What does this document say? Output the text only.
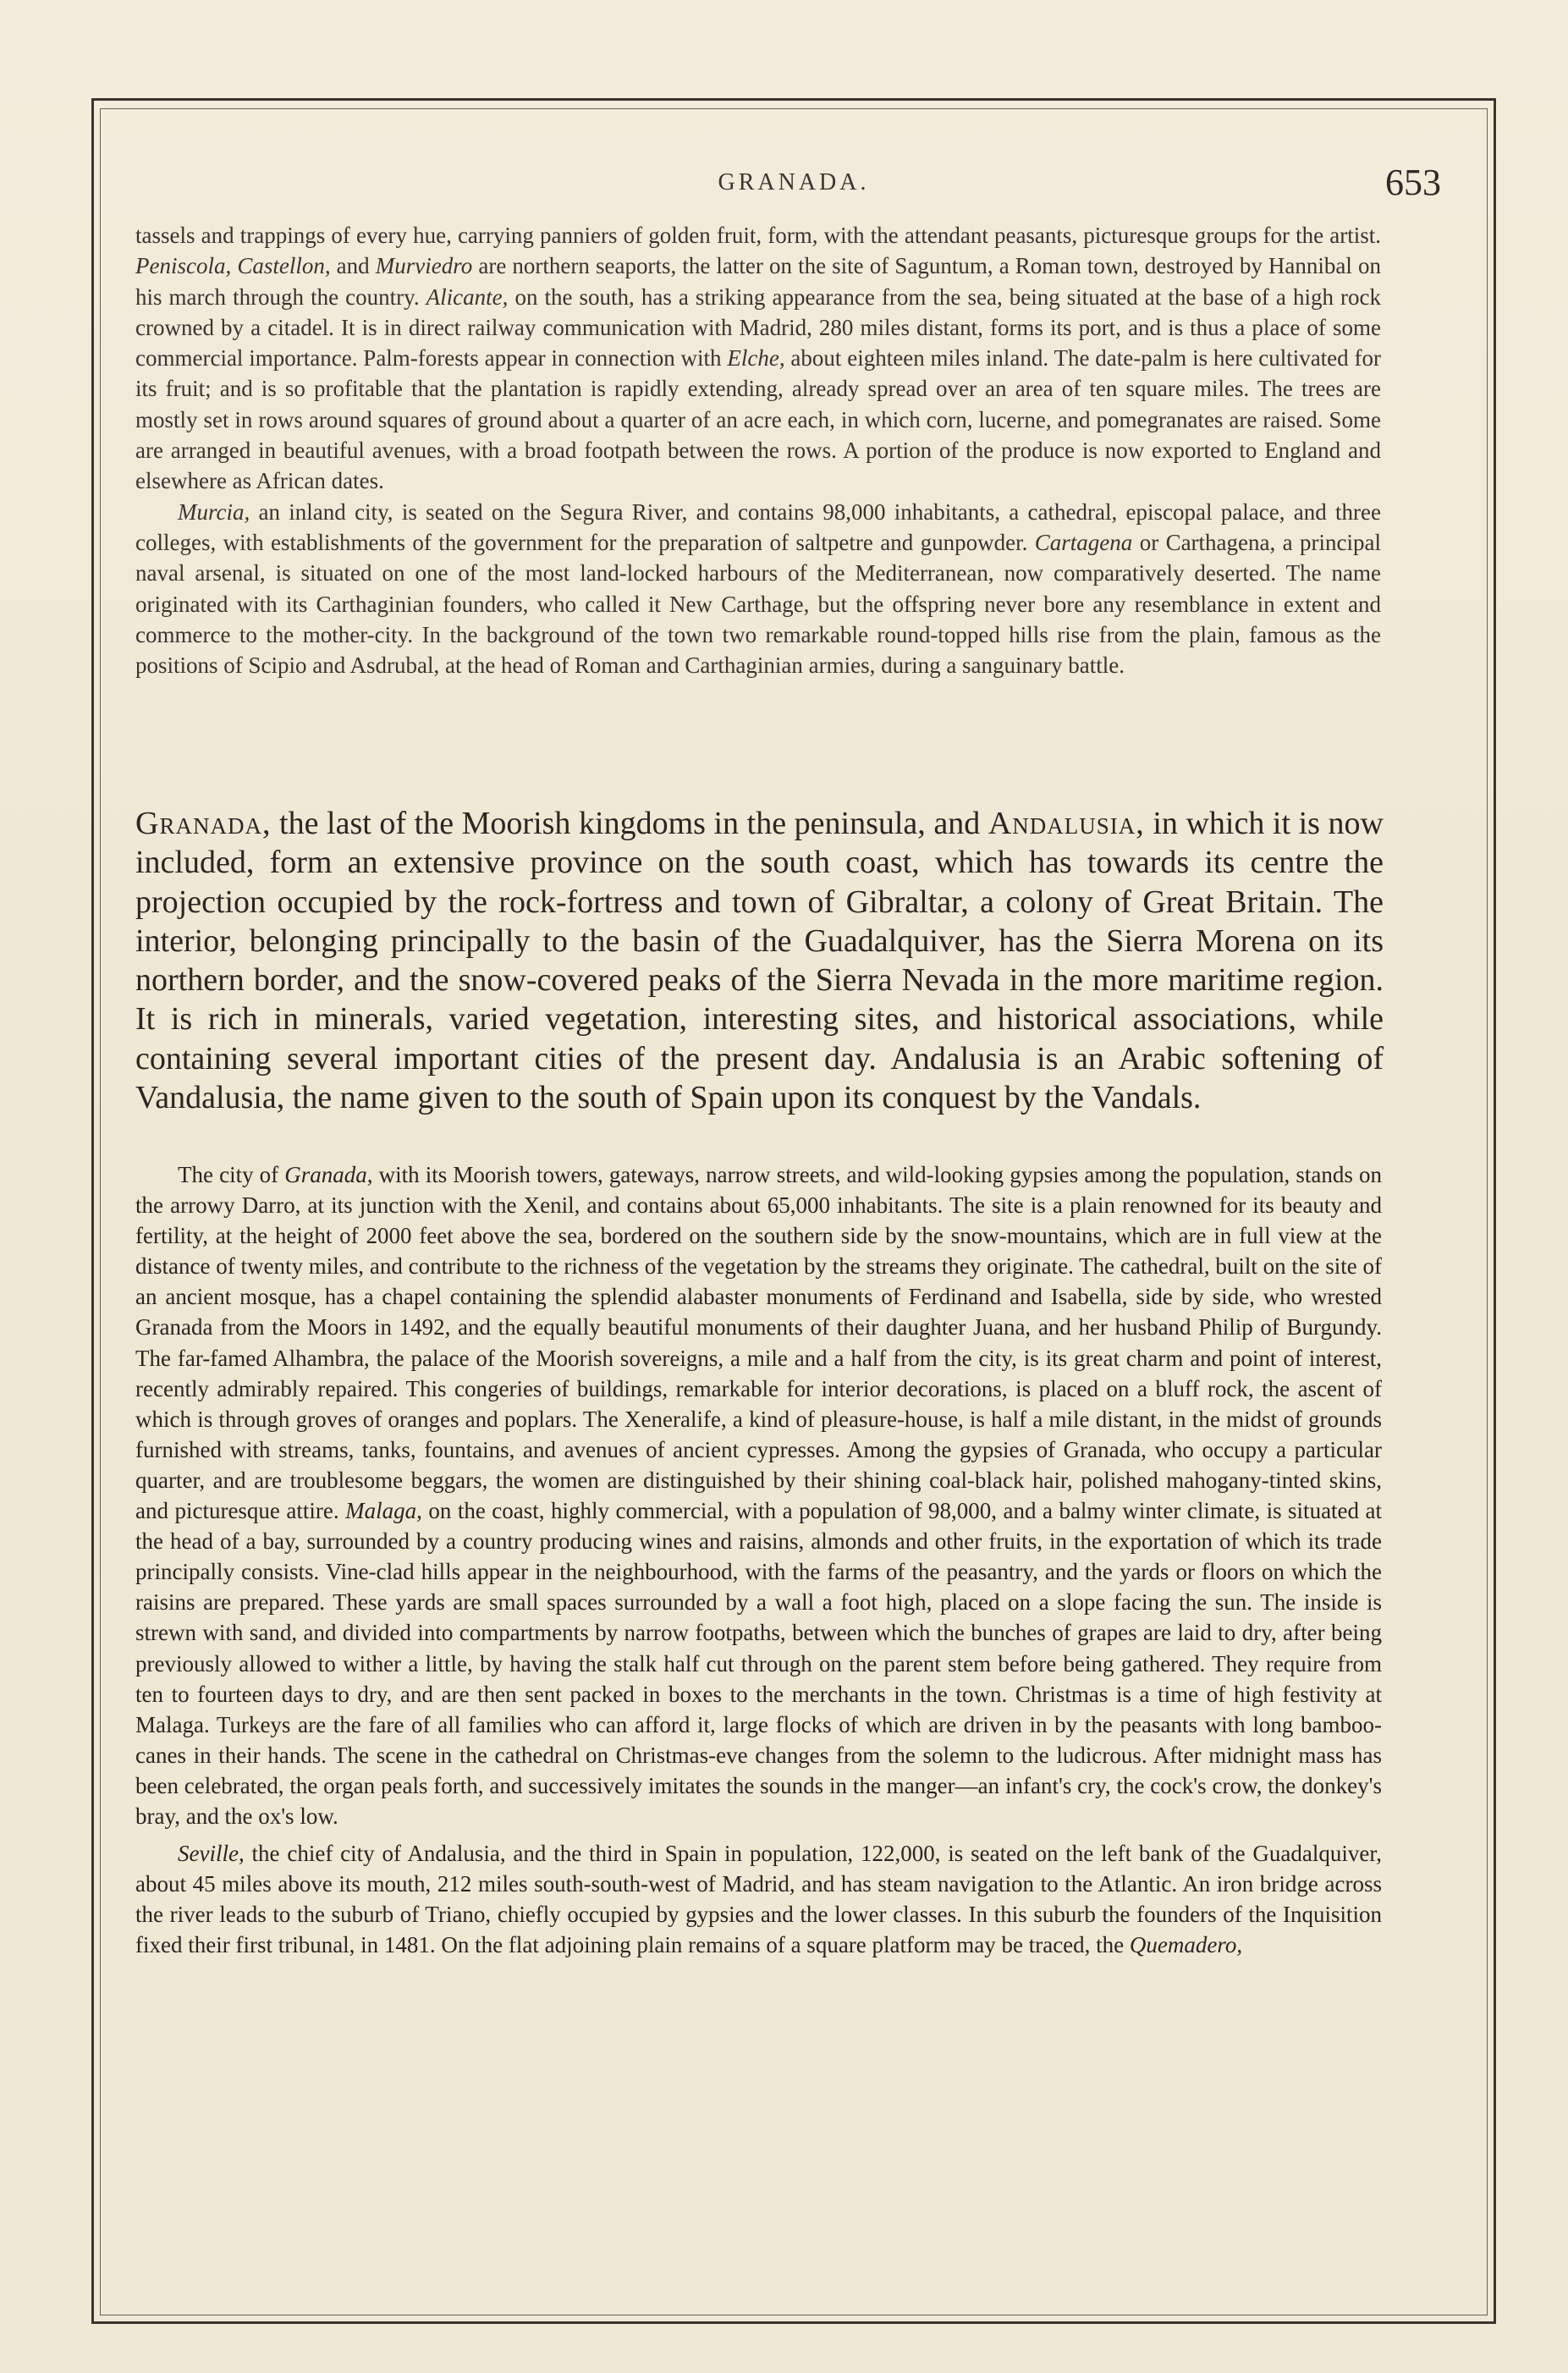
GRANADA.	653

tassels and trappings of every hue, carrying panniers of golden fruit, form, with the attendant peasants, picturesque groups for the artist. Peniscola, Castellon, and Murviedro are northern seaports, the latter on the site of Saguntum, a Roman town, destroyed by Hannibal on his march through the country. Alicante, on the south, has a striking appearance from the sea, being situated at the base of a high rock crowned by a citadel. It is in direct railway communication with Madrid, 280 miles distant, forms its port, and is thus a place of some commercial importance. Palm-forests appear in connection with Elche, about eighteen miles inland. The date-palm is here cultivated for its fruit; and is so profitable that the plantation is rapidly extending, already spread over an area of ten square miles. The trees are mostly set in rows around squares of ground about a quarter of an acre each, in which corn, lucerne, and pomegranates are raised. Some are arranged in beautiful avenues, with a broad footpath between the rows. A portion of the produce is now exported to England and elsewhere as African dates.

Murcia, an inland city, is seated on the Segura River, and contains 98,000 inhabitants, a cathedral, episcopal palace, and three colleges, with establishments of the government for the preparation of saltpetre and gunpowder. Cartagena or Carthagena, a principal naval arsenal, is situated on one of the most land-locked harbours of the Mediterranean, now comparatively deserted. The name originated with its Carthaginian founders, who called it New Carthage, but the offspring never bore any resemblance in extent and commerce to the mother-city. In the background of the town two remarkable round-topped hills rise from the plain, famous as the positions of Scipio and Asdrubal, at the head of Roman and Carthaginian armies, during a sanguinary battle.

Granada, the last of the Moorish kingdoms in the peninsula, and Andalusia, in which it is now included, form an extensive province on the south coast, which has towards its centre the projection occupied by the rock-fortress and town of Gibraltar, a colony of Great Britain. The interior, belonging principally to the basin of the Guadalquiver, has the Sierra Morena on its northern border, and the snow-covered peaks of the Sierra Nevada in the more maritime region. It is rich in minerals, varied vegetation, interesting sites, and historical associations, while containing several important cities of the present day. Andalusia is an Arabic softening of Vandalusia, the name given to the south of Spain upon its conquest by the Vandals.

The city of Granada, with its Moorish towers, gateways, narrow streets, and wild-looking gypsies among the population, stands on the arrowy Darro, at its junction with the Xenil, and contains about 65,000 inhabitants. The site is a plain renowned for its beauty and fertility, at the height of 2000 feet above the sea, bordered on the southern side by the snow-mountains, which are in full view at the distance of twenty miles, and contribute to the richness of the vegetation by the streams they originate. The cathedral, built on the site of an ancient mosque, has a chapel containing the splendid alabaster monuments of Ferdinand and Isabella, side by side, who wrested Granada from the Moors in 1492, and the equally beautiful monuments of their daughter Juana, and her husband Philip of Burgundy. The far-famed Alhambra, the palace of the Moorish sovereigns, a mile and a half from the city, is its great charm and point of interest, recently admirably repaired. This congeries of buildings, remarkable for interior decorations, is placed on a bluff rock, the ascent of which is through groves of oranges and poplars. The Xeneralife, a kind of pleasure-house, is half a mile distant, in the midst of grounds furnished with streams, tanks, fountains, and avenues of ancient cypresses. Among the gypsies of Granada, who occupy a particular quarter, and are troublesome beggars, the women are distinguished by their shining coal-black hair, polished mahogany-tinted skins, and picturesque attire. Malaga, on the coast, highly commercial, with a population of 98,000, and a balmy winter climate, is situated at the head of a bay, surrounded by a country producing wines and raisins, almonds and other fruits, in the exportation of which its trade principally consists. Vine-clad hills appear in the neighbourhood, with the farms of the peasantry, and the yards or floors on which the raisins are prepared. These yards are small spaces surrounded by a wall a foot high, placed on a slope facing the sun. The inside is strewn with sand, and divided into compartments by narrow footpaths, between which the bunches of grapes are laid to dry, after being previously allowed to wither a little, by having the stalk half cut through on the parent stem before being gathered. They require from ten to fourteen days to dry, and are then sent packed in boxes to the merchants in the town. Christmas is a time of high festivity at Malaga. Turkeys are the fare of all families who can afford it, large flocks of which are driven in by the peasants with long bamboo-canes in their hands. The scene in the cathedral on Christmas-eve changes from the solemn to the ludicrous. After midnight mass has been celebrated, the organ peals forth, and successively imitates the sounds in the manger—an infant's cry, the cock's crow, the donkey's bray, and the ox's low.

Seville, the chief city of Andalusia, and the third in Spain in population, 122,000, is seated on the left bank of the Guadalquiver, about 45 miles above its mouth, 212 miles south-south-west of Madrid, and has steam navigation to the Atlantic. An iron bridge across the river leads to the suburb of Triano, chiefly occupied by gypsies and the lower classes. In this suburb the founders of the Inquisition fixed their first tribunal, in 1481. On the flat adjoining plain remains of a square platform may be traced, the Quemadero,
